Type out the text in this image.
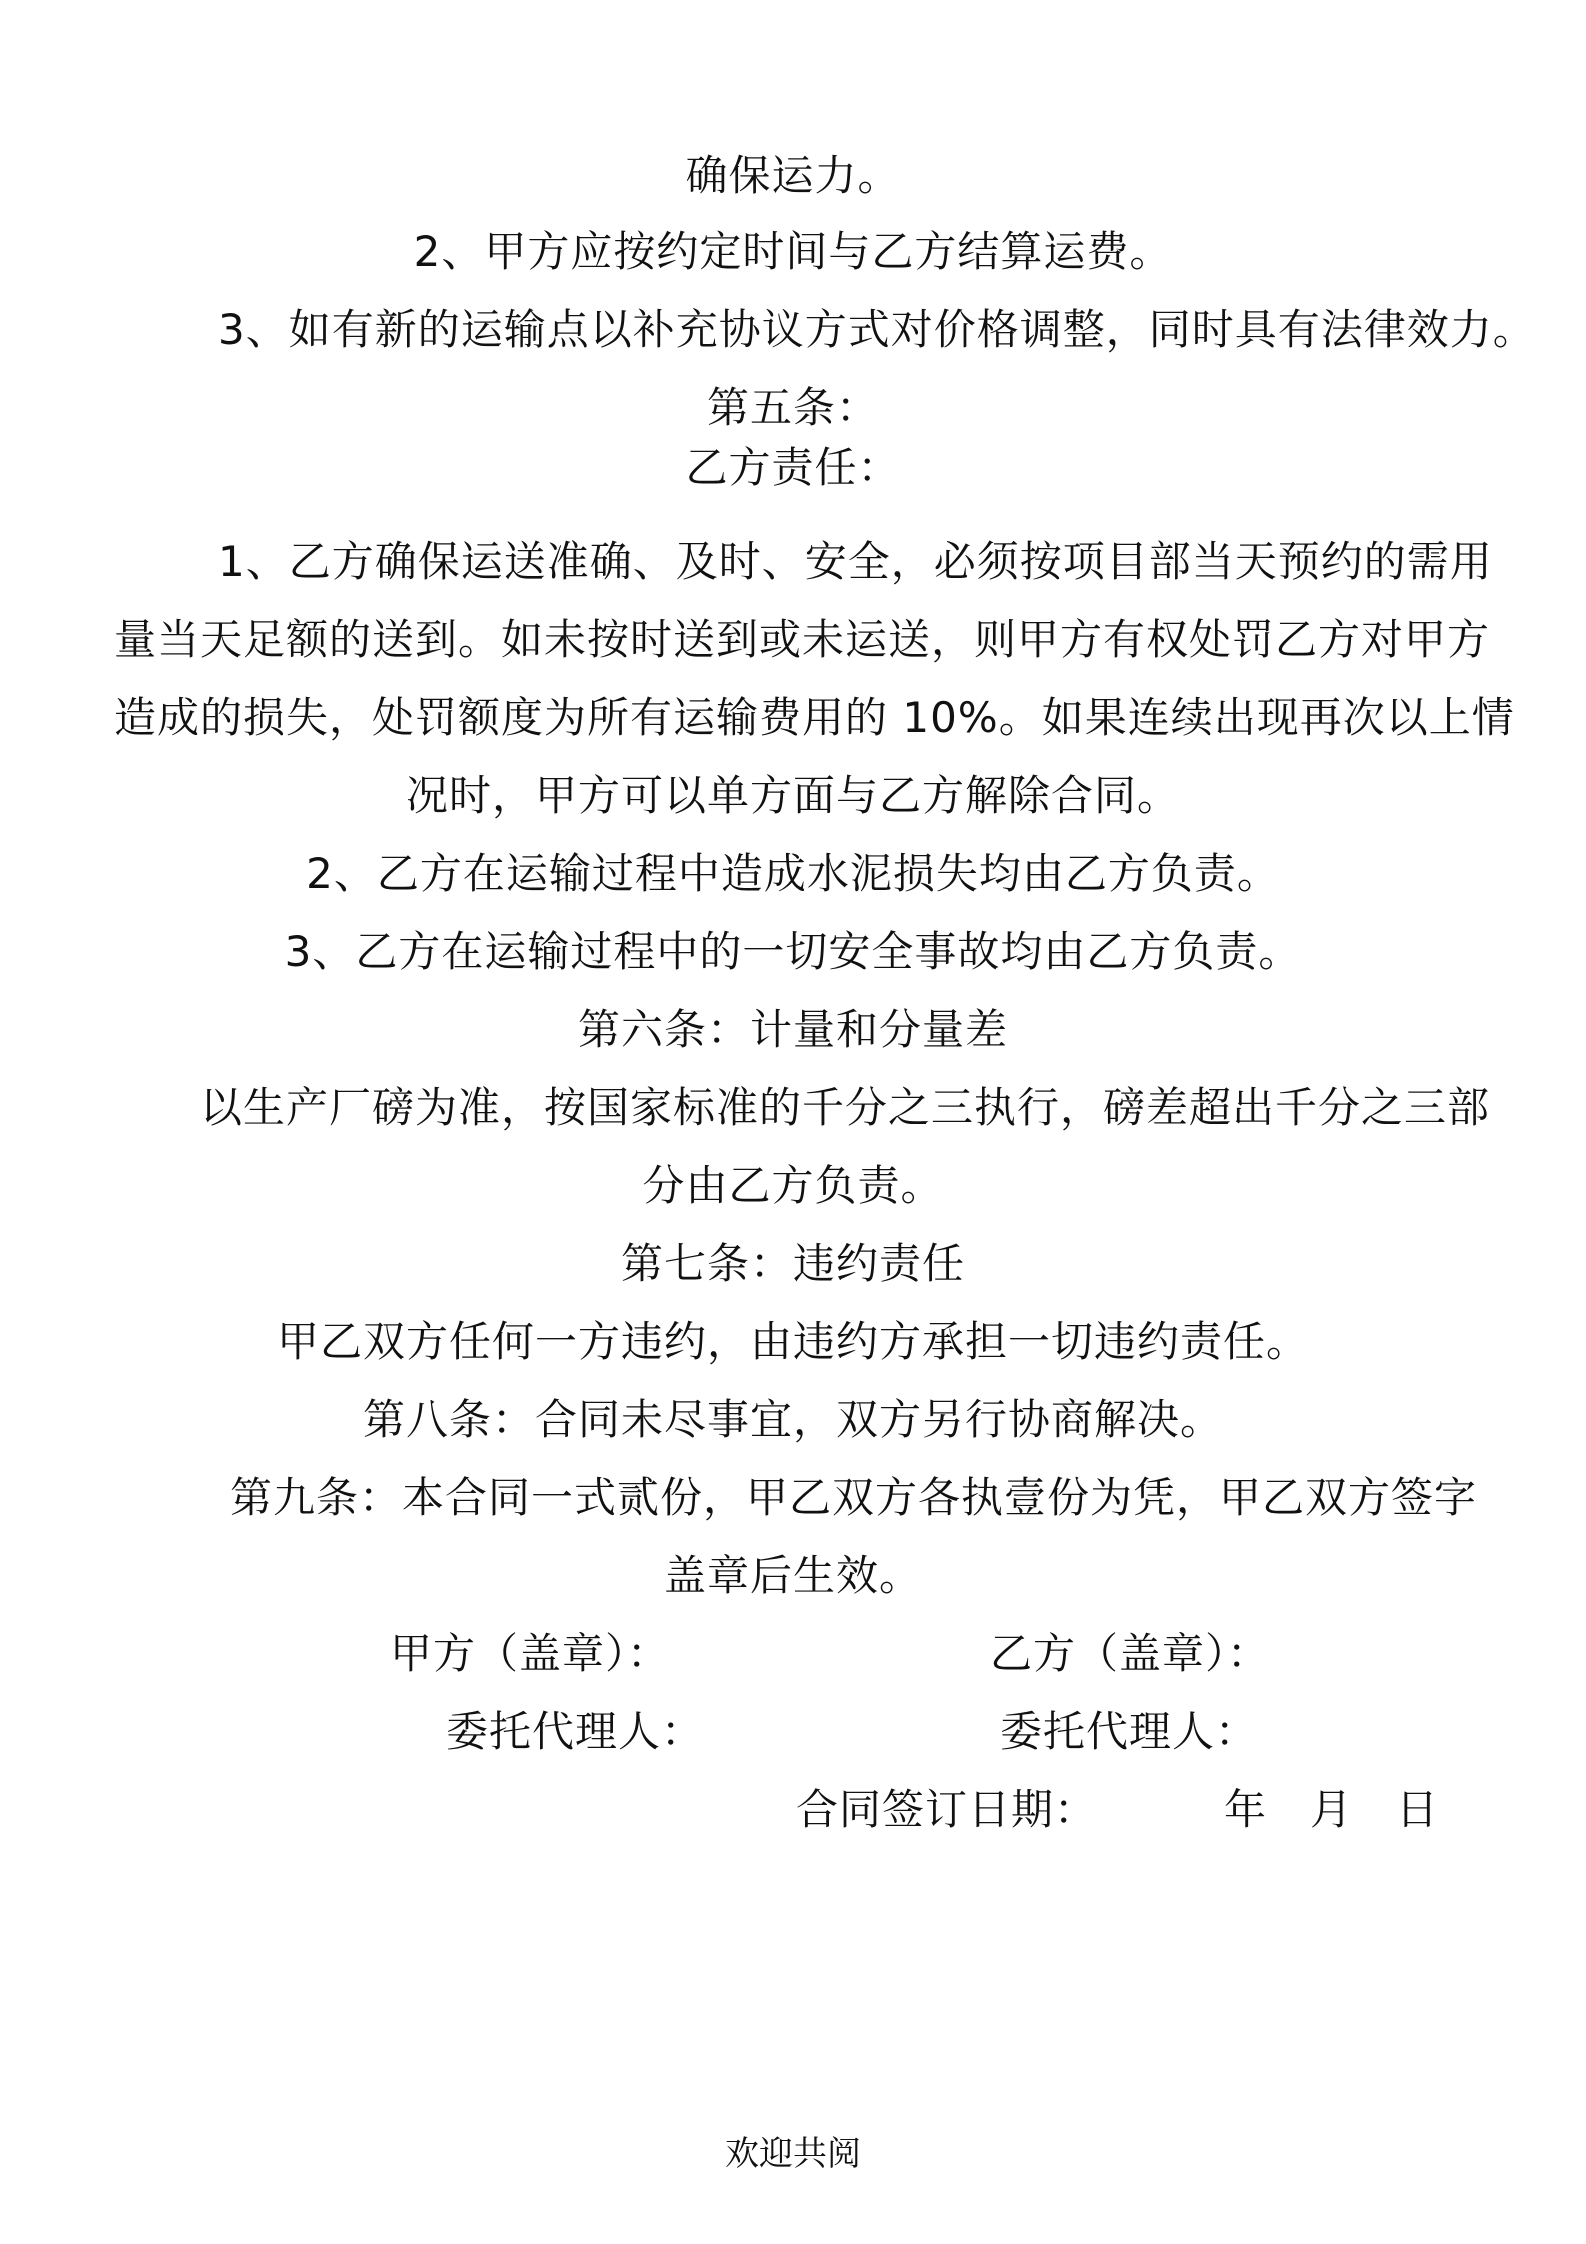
确保运力。
2、甲方应按约定时间与乙方结算运费。
3、如有新的运输点以补充协议方式对价格调整，同时具有法律效力。
第五条：
乙方责任：
1、乙方确保运送准确、及时、安全，必须按项目部当天预约的需用
量当天足额的送到。如未按时送到或未运送，则甲方有权处罚乙方对甲方
造成的损失，处罚额度为所有运输费用的 10%。如果连续出现再次以上情
况时，甲方可以单方面与乙方解除合同。
2、乙方在运输过程中造成水泥损失均由乙方负责。
3、乙方在运输过程中的一切安全事故均由乙方负责。
第六条：计量和分量差
以生产厂磅为准，按国家标准的千分之三执行，磅差超出千分之三部
分由乙方负责。
第七条：违约责任
甲乙双方任何一方违约，由违约方承担一切违约责任。
第八条：合同未尽事宜，双方另行协商解决。
第九条：本合同一式贰份，甲乙双方各执壹份为凭，甲乙双方签字
盖章后生效。
甲方（盖章）：	乙方（盖章）：
委托代理人：	委托代理人：
合同签订日期：	年 月 日
欢迎共阅
